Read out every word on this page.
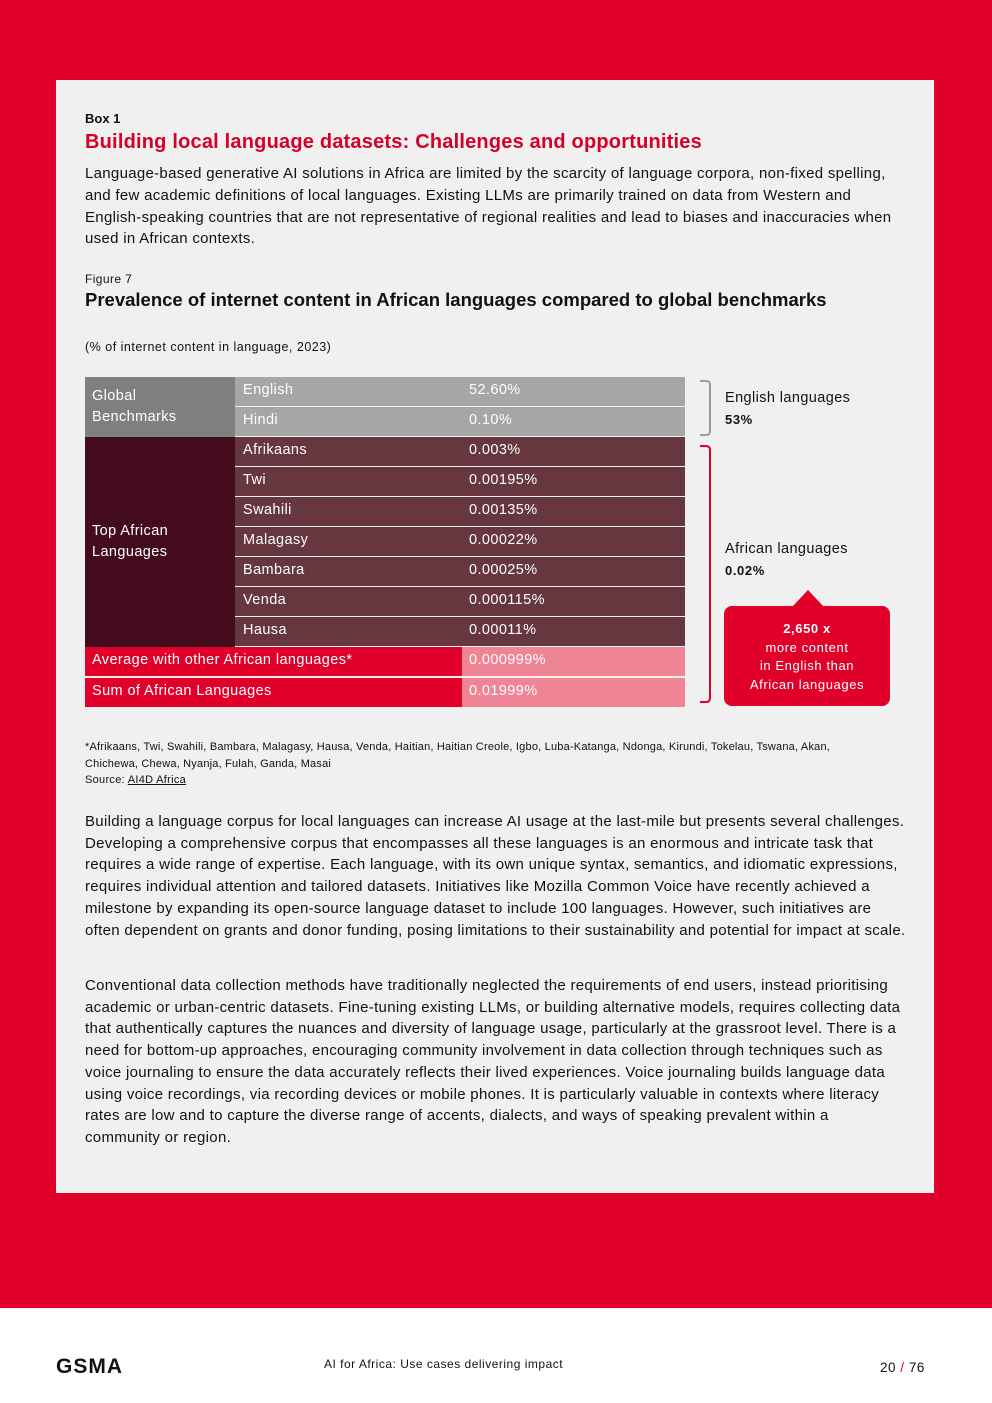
Box 1
Building local language datasets: Challenges and opportunities
Language-based generative AI solutions in Africa are limited by the scarcity of language corpora, non-fixed spelling, and few academic definitions of local languages. Existing LLMs are primarily trained on data from Western and English-speaking countries that are not representative of regional realities and lead to biases and inaccuracies when used in African contexts.
Figure 7
Prevalence of internet content in African languages compared to global benchmarks
(% of internet content in language, 2023)
Global Benchmarks
Top African Languages
English	52.60%
Hindi	0.10%
Afrikaans	0.003%
Twi	0.00195%
Swahili	0.00135%
Malagasy	0.00022%
Bambara	0.00025%
Venda	0.000115%
Hausa	0.00011%
Average with other African languages*	0.000999%
Sum of African Languages	0.01999%
English languages
53%
African languages
0.02%
2,650 x
more content
in English than
African languages
*Afrikaans, Twi, Swahili, Bambara, Malagasy, Hausa, Venda, Haitian, Haitian Creole, Igbo, Luba-Katanga, Ndonga, Kirundi, Tokelau, Tswana, Akan, Chichewa, Chewa, Nyanja, Fulah, Ganda, Masai
Source: AI4D Africa
Building a language corpus for local languages can increase AI usage at the last-mile but presents several challenges. Developing a comprehensive corpus that encompasses all these languages is an enormous and intricate task that requires a wide range of expertise. Each language, with its own unique syntax, semantics, and idiomatic expressions, requires individual attention and tailored datasets. Initiatives like Mozilla Common Voice have recently achieved a milestone by expanding its open-source language dataset to include 100 languages. However, such initiatives are often dependent on grants and donor funding, posing limitations to their sustainability and potential for impact at scale.
Conventional data collection methods have traditionally neglected the requirements of end users, instead prioritising academic or urban-centric datasets. Fine-tuning existing LLMs, or building alternative models, requires collecting data that authentically captures the nuances and diversity of language usage, particularly at the grassroot level. There is a need for bottom-up approaches, encouraging community involvement in data collection through techniques such as voice journaling to ensure the data accurately reflects their lived experiences. Voice journaling builds language data using voice recordings, via recording devices or mobile phones. It is particularly valuable in contexts where literacy rates are low and to capture the diverse range of accents, dialects, and ways of speaking prevalent within a community or region.
GSMA	AI for Africa: Use cases delivering impact	20 / 76
